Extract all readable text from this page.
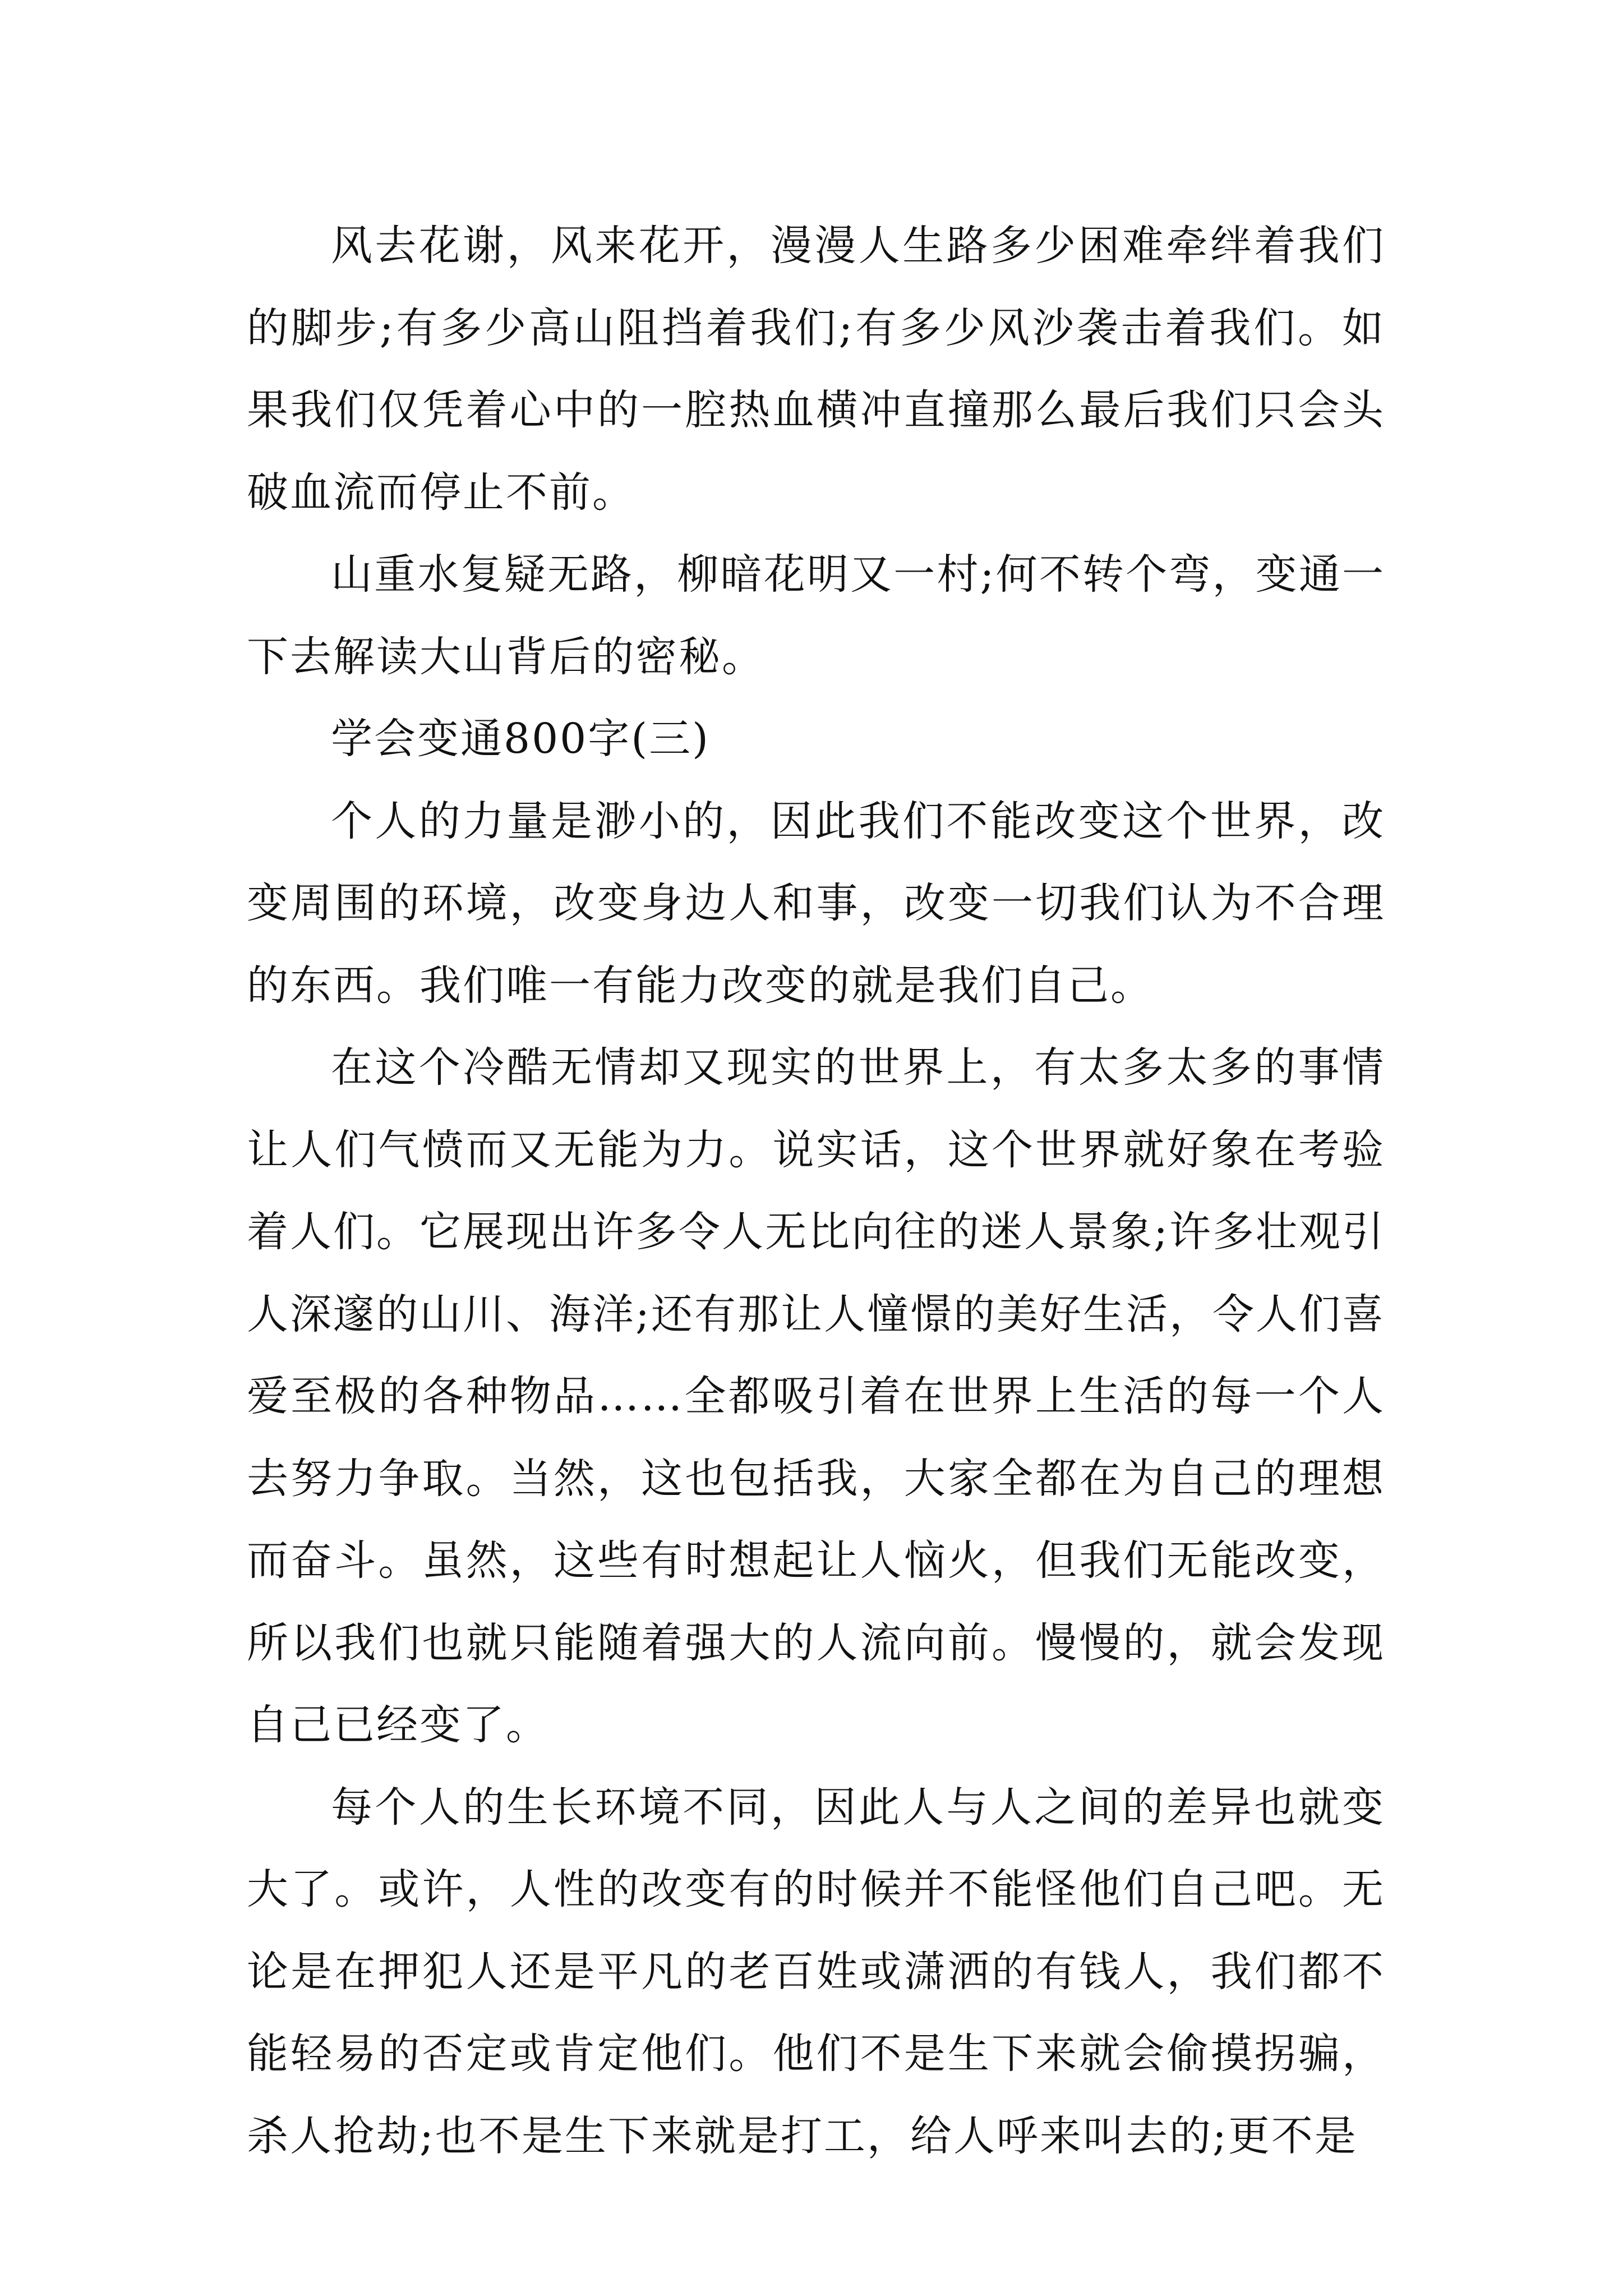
风去花谢，风来花开，漫漫人生路多少困难牵绊着我们的脚步;有多少高山阻挡着我们;有多少风沙袭击着我们。如果我们仅凭着心中的一腔热血横冲直撞那么最后我们只会头破血流而停止不前。

山重水复疑无路，柳暗花明又一村;何不转个弯，变通一下去解读大山背后的密秘。

学会变通800字(三)

个人的力量是渺小的，因此我们不能改变这个世界，改变周围的环境，改变身边人和事，改变一切我们认为不合理的东西。我们唯一有能力改变的就是我们自己。

在这个冷酷无情却又现实的世界上，有太多太多的事情让人们气愤而又无能为力。说实话，这个世界就好象在考验着人们。它展现出许多令人无比向往的迷人景象;许多壮观引人深邃的山川、海洋;还有那让人憧憬的美好生活，令人们喜爱至极的各种物品……全都吸引着在世界上生活的每一个人去努力争取。当然，这也包括我，大家全都在为自己的理想而奋斗。虽然，这些有时想起让人恼火，但我们无能改变，所以我们也就只能随着强大的人流向前。慢慢的，就会发现自己已经变了。

每个人的生长环境不同，因此人与人之间的差异也就变大了。或许，人性的改变有的时候并不能怪他们自己吧。无论是在押犯人还是平凡的老百姓或潇洒的有钱人，我们都不能轻易的否定或肯定他们。他们不是生下来就会偷摸拐骗，杀人抢劫;也不是生下来就是打工，给人呼来叫去的;更不是
